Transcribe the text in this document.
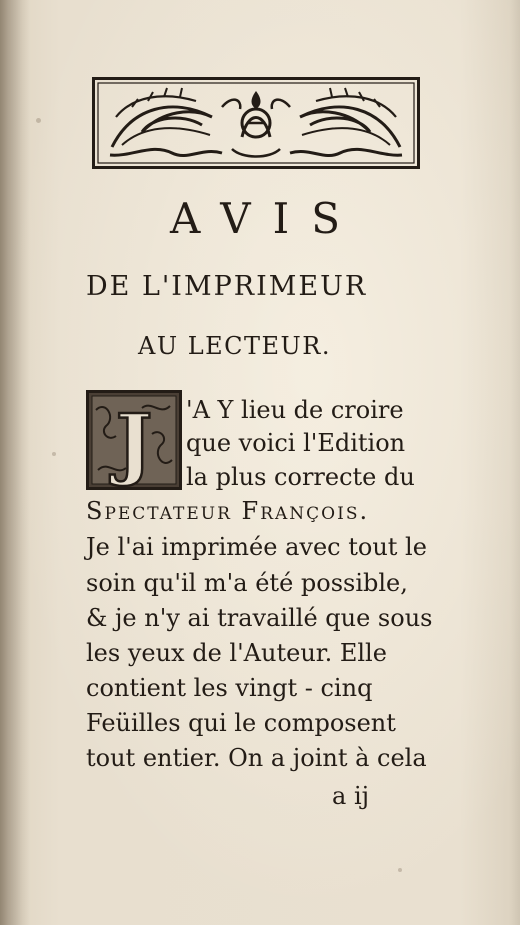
AVIS
DE L'IMPRIMEUR
AU LECTEUR.
J 'A Y lieu de croire
que voici l'Edition
la plus correcte du
Spectateur François.
Je l'ai imprimée avec tout le
soin qu'il m'a été possible,
& je n'y ai travaillé que sous
les yeux de l'Auteur. Elle
contient les vingt - cinq
Feüilles qui le composent
tout entier. On a joint à cela
a ij
